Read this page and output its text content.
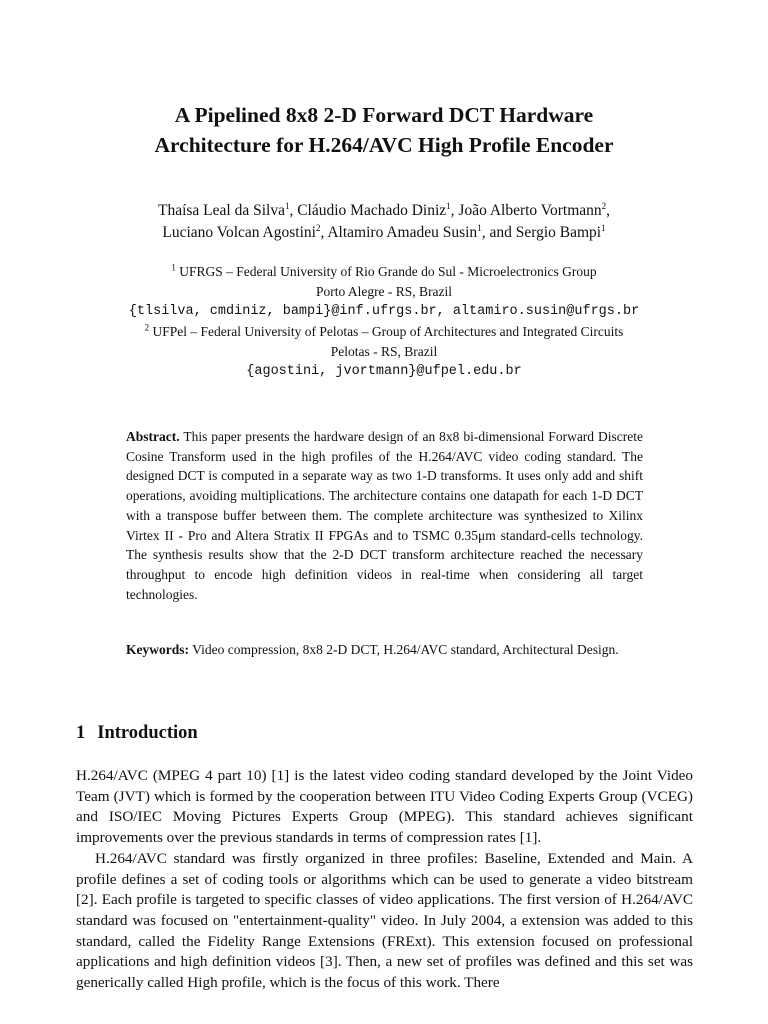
A Pipelined 8x8 2-D Forward DCT Hardware
Architecture for H.264/AVC High Profile Encoder
Thaísa Leal da Silva$^1$, Cláudio Machado Diniz$^1$, João Alberto Vortmann$^2$,
Luciano Volcan Agostini$^2$, Altamiro Amadeu Susin$^1$, and Sergio Bampi$^1$
$^1$ UFRGS – Federal University of Rio Grande do Sul - Microelectronics Group
Porto Alegre - RS, Brazil
{tlsilva, cmdiniz, bampi}@inf.ufrgs.br, altamiro.susin@ufrgs.br
$^2$ UFPel – Federal University of Pelotas – Group of Architectures and Integrated Circuits
Pelotas - RS, Brazil
{agostini, jvortmann}@ufpel.edu.br
Abstract. This paper presents the hardware design of an 8x8 bi-dimensional Forward Discrete Cosine Transform used in the high profiles of the H.264/AVC video coding standard. The designed DCT is computed in a separate way as two 1-D transforms. It uses only add and shift operations, avoiding multiplications. The architecture contains one datapath for each 1-D DCT with a transpose buffer between them. The complete architecture was synthesized to Xilinx Virtex II - Pro and Altera Stratix II FPGAs and to TSMC 0.35μm standard-cells technology. The synthesis results show that the 2-D DCT transform architecture reached the necessary throughput to encode high definition videos in real-time when considering all target technologies.
Keywords: Video compression, 8x8 2-D DCT, H.264/AVC standard, Architectural Design.
1 Introduction

H.264/AVC (MPEG 4 part 10) [1] is the latest video coding standard developed by the Joint Video Team (JVT) which is formed by the cooperation between ITU Video Coding Experts Group (VCEG) and ISO/IEC Moving Pictures Experts Group (MPEG). This standard achieves significant improvements over the previous standards in terms of compression rates [1].

H.264/AVC standard was firstly organized in three profiles: Baseline, Extended and Main. A profile defines a set of coding tools or algorithms which can be used to generate a video bitstream [2]. Each profile is targeted to specific classes of video applications. The first version of H.264/AVC standard was focused on "entertainment-quality" video. In July 2004, a extension was added to this standard, called the Fidelity Range Extensions (FRExt). This extension focused on professional applications and high definition videos [3]. Then, a new set of profiles was defined and this set was generically called High profile, which is the focus of this work. There
